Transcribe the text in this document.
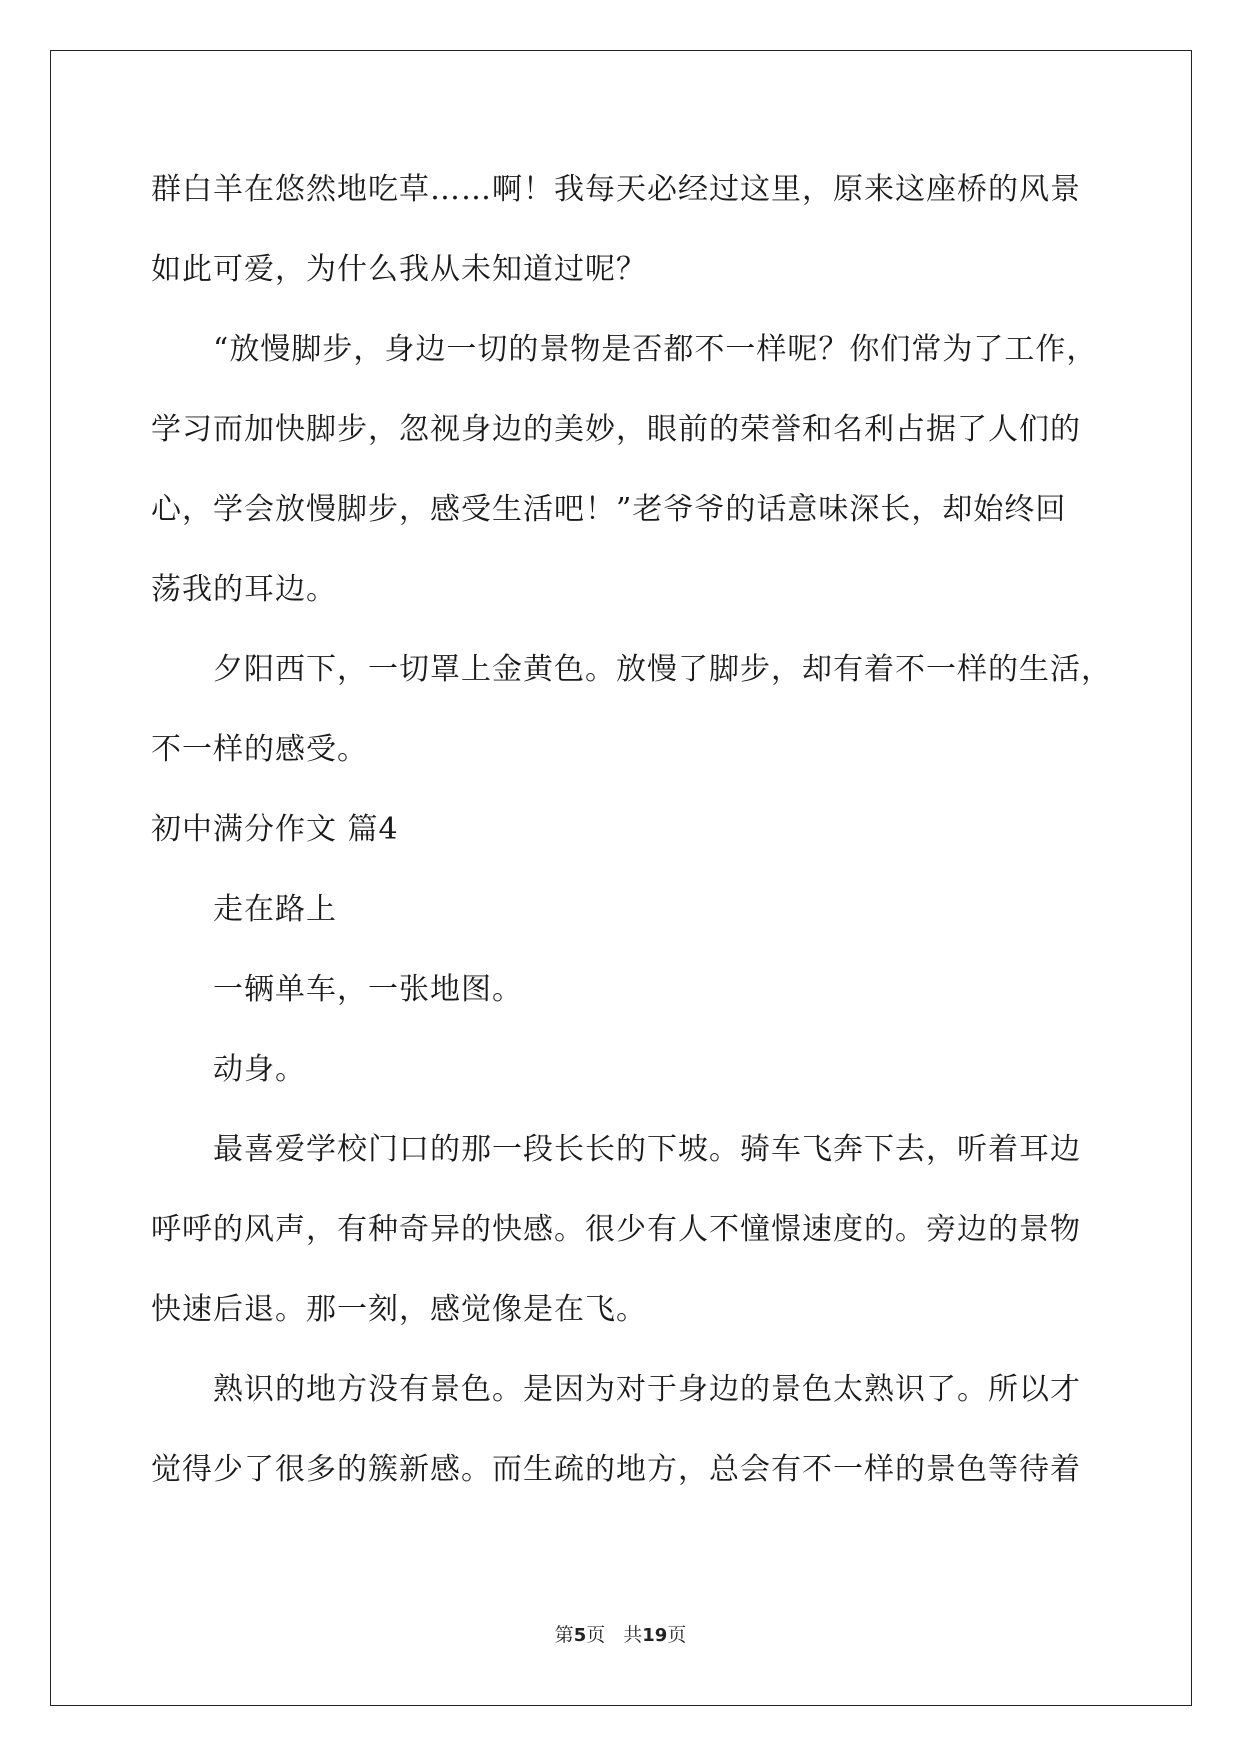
群白羊在悠然地吃草……啊！我每天必经过这里，原来这座桥的风景
如此可爱，为什么我从未知道过呢？
“放慢脚步，身边一切的景物是否都不一样呢？你们常为了工作，
学习而加快脚步，忽视身边的美妙，眼前的荣誉和名利占据了人们的
心，学会放慢脚步，感受生活吧！”老爷爷的话意味深长，却始终回
荡我的耳边。
夕阳西下，一切罩上金黄色。放慢了脚步，却有着不一样的生活，
不一样的感受。
初中满分作文 篇4
走在路上
一辆单车，一张地图。
动身。
最喜爱学校门口的那一段长长的下坡。骑车飞奔下去，听着耳边
呼呼的风声，有种奇异的快感。很少有人不憧憬速度的。旁边的景物
快速后退。那一刻，感觉像是在飞。
熟识的地方没有景色。是因为对于身边的景色太熟识了。所以才
觉得少了很多的簇新感。而生疏的地方，总会有不一样的景色等待着
第5页 共19页
